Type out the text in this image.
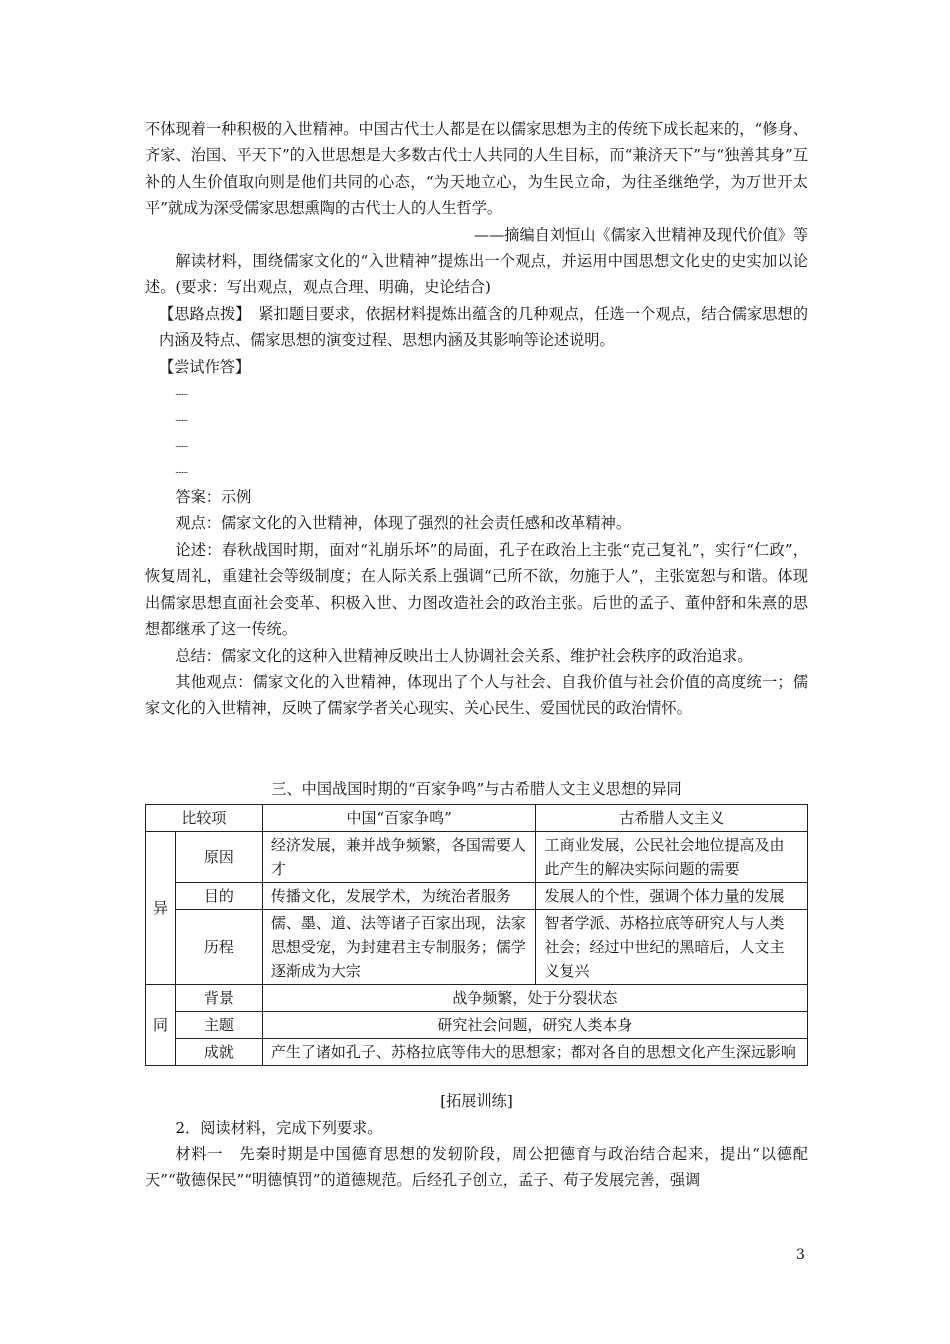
不体现着一种积极的入世精神。中国古代士人都是在以儒家思想为主的传统下成长起来的，“修身、齐家、治国、平天下”的入世思想是大多数古代士人共同的人生目标，而“兼济天下”与“独善其身”互补的人生价值取向则是他们共同的心态，“为天地立心，为生民立命，为往圣继绝学，为万世开太平”就成为深受儒家思想熏陶的古代士人的人生哲学。

——摘编自刘恒山《儒家入世精神及现代价值》等

解读材料，围绕儒家文化的“入世精神”提炼出一个观点，并运用中国思想文化史的史实加以论述。(要求：写出观点，观点合理、明确，史论结合)

【思路点拨】　 紧扣题目要求，依据材料提炼出蕴含的几种观点，任选一个观点，结合儒家思想的内涵及特点、儒家思想的演变过程、思想内涵及其影响等论述说明。

【尝试作答】

........
........
........
........

答案：示例

观点：儒家文化的入世精神，体现了强烈的社会责任感和改革精神。

论述：春秋战国时期，面对“礼崩乐坏”的局面，孔子在政治上主张“克己复礼”，实行“仁政”，恢复周礼，重建社会等级制度；在人际关系上强调“己所不欲，勿施于人”，主张宽恕与和谐。体现出儒家思想直面社会变革、积极入世、力图改造社会的政治主张。后世的孟子、董仲舒和朱熹的思想都继承了这一传统。

总结：儒家文化的这种入世精神反映出士人协调社会关系、维护社会秩序的政治追求。

其他观点：儒家文化的入世精神，体现出了个人与社会、自我价值与社会价值的高度统一；儒家文化的入世精神，反映了儒家学者关心现实、关心民生、爱国忧民的政治情怀。

三、中国战国时期的“百家争鸣”与古希腊人文主义思想的异同

比较项		中国“百家争鸣”	古希腊人文主义
异	原因	经济发展，兼并战争频繁，各国需要人才	工商业发展，公民社会地位提高及由此产生的解决实际问题的需要
	目的	传播文化，发展学术，为统治者服务	发展人的个性，强调个体力量的发展
	历程	儒、墨、道、法等诸子百家出现，法家思想受宠，为封建君主专制服务；儒学逐渐成为大宗	智者学派、苏格拉底等研究人与人类社会；经过中世纪的黑暗后，人文主义复兴
同	背景	战争频繁，处于分裂状态	
	主题	研究社会问题，研究人类本身	
	成就	产生了诸如孔子、苏格拉底等伟大的思想家；都对各自的思想文化产生深远影响	

[拓展训练]

2．阅读材料，完成下列要求。

材料一　先秦时期是中国德育思想的发轫阶段，周公把德育与政治结合起来，提出“以德配天”“敬德保民”“明德慎罚”的道德规范。后经孔子创立，孟子、荀子发展完善，强调

3
